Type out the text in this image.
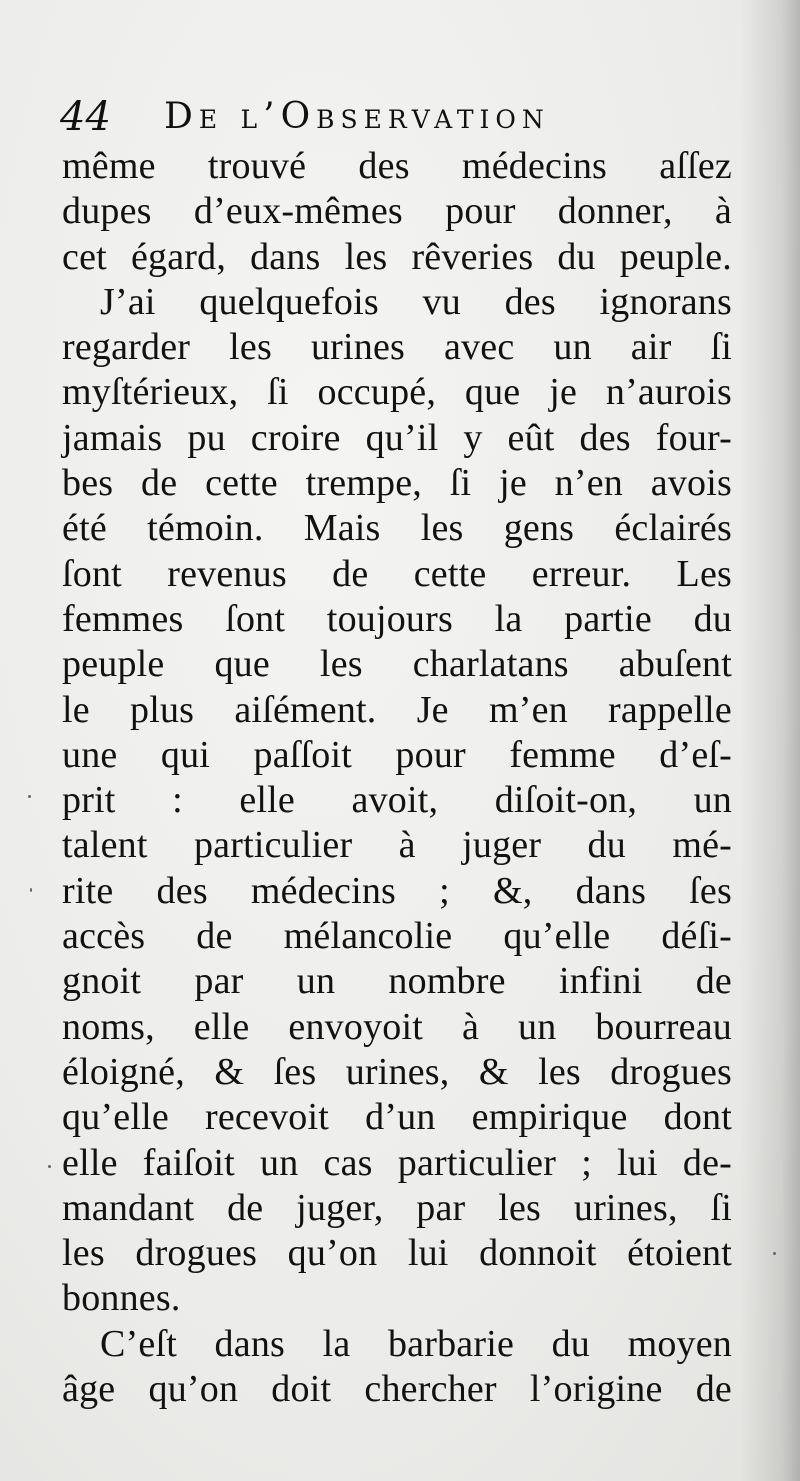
44 De l’Observation
même trouvé des médecins aſſez
dupes d’eux-mêmes pour donner, à
cet égard, dans les rêveries du peuple.
J’ai quelquefois vu des ignorans
regarder les urines avec un air ſi
myſtérieux, ſi occupé, que je n’aurois
jamais pu croire qu’il y eût des four-
bes de cette trempe, ſi je n’en avois
été témoin. Mais les gens éclairés
ſont revenus de cette erreur. Les
femmes ſont toujours la partie du
peuple que les charlatans abuſent
le plus aiſément. Je m’en rappelle
une qui paſſoit pour femme d’eſ-
prit : elle avoit, diſoit-on, un
talent particulier à juger du mé-
rite des médecins ; &, dans ſes
accès de mélancolie qu’elle déſi-
gnoit par un nombre infini de
noms, elle envoyoit à un bourreau
éloigné, & ſes urines, & les drogues
qu’elle recevoit d’un empirique dont
elle faiſoit un cas particulier ; lui de-
mandant de juger, par les urines, ſi
les drogues qu’on lui donnoit étoient
bonnes.
C’eſt dans la barbarie du moyen
âge qu’on doit chercher l’origine de
